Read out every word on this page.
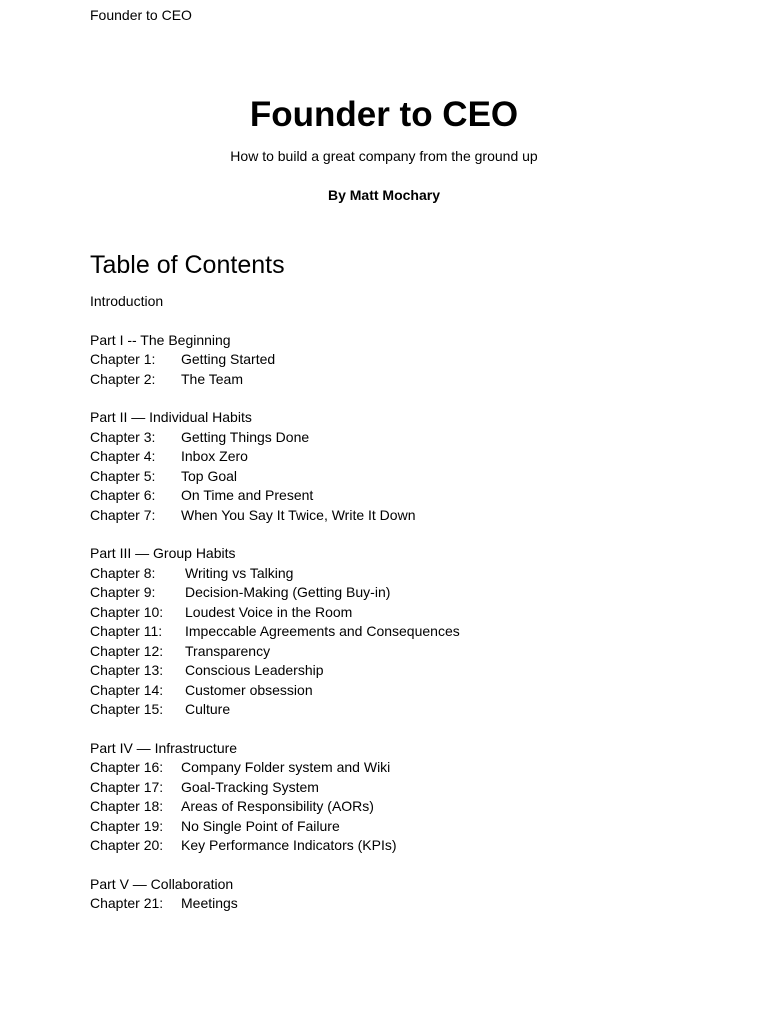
Founder to CEO
Founder to CEO
How to build a great company from the ground up
By Matt Mochary
Table of Contents
Introduction
Part I -- The Beginning
Chapter 1: Getting Started
Chapter 2: The Team
Part II — Individual Habits
Chapter 3: Getting Things Done
Chapter 4: Inbox Zero
Chapter 5: Top Goal
Chapter 6: On Time and Present
Chapter 7: When You Say It Twice, Write It Down
Part III — Group Habits
Chapter 8: Writing vs Talking
Chapter 9: Decision-Making (Getting Buy-in)
Chapter 10: Loudest Voice in the Room
Chapter 11: Impeccable Agreements and Consequences
Chapter 12: Transparency
Chapter 13: Conscious Leadership
Chapter 14: Customer obsession
Chapter 15: Culture
Part IV — Infrastructure
Chapter 16: Company Folder system and Wiki
Chapter 17: Goal-Tracking System
Chapter 18: Areas of Responsibility (AORs)
Chapter 19: No Single Point of Failure
Chapter 20: Key Performance Indicators (KPIs)
Part V — Collaboration
Chapter 21: Meetings
